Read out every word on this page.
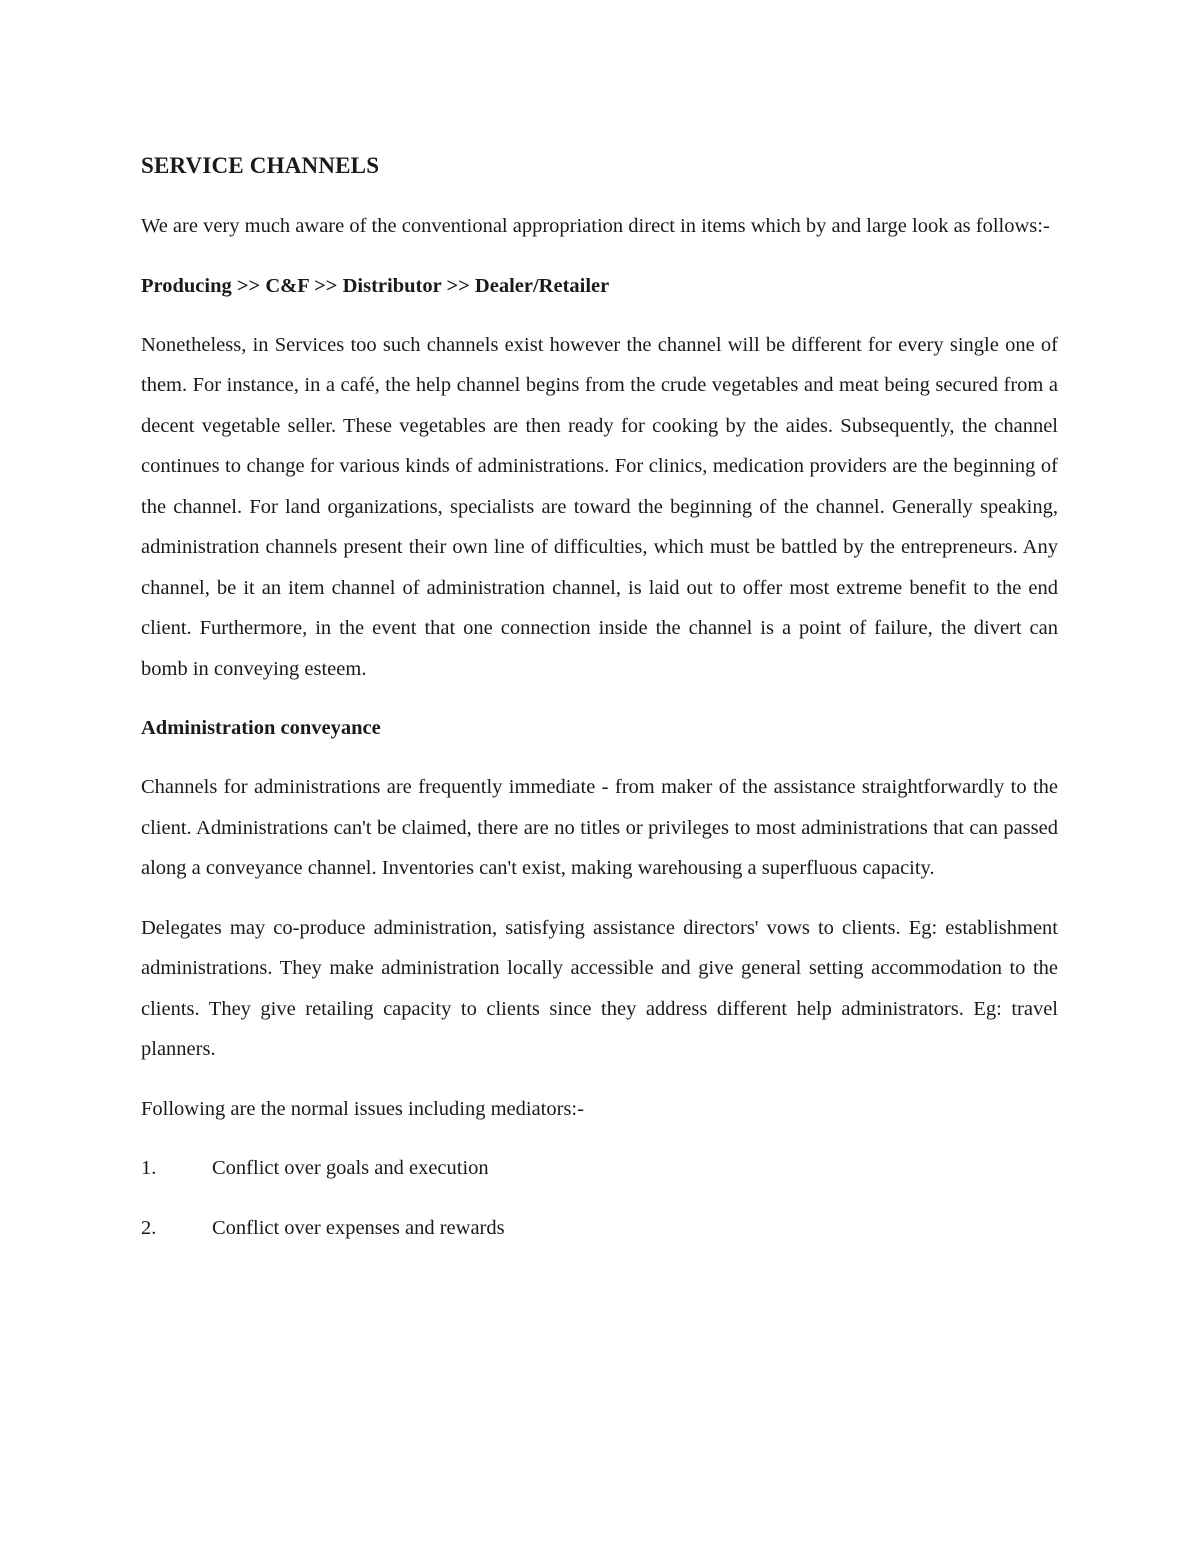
SERVICE CHANNELS
We are very much aware of the conventional appropriation direct in items which by and large look as follows:-
Producing >> C&F >> Distributor >> Dealer/Retailer
Nonetheless, in Services too such channels exist however the channel will be different for every single one of them. For instance, in a café, the help channel begins from the crude vegetables and meat being secured from a decent vegetable seller. These vegetables are then ready for cooking by the aides. Subsequently, the channel continues to change for various kinds of administrations. For clinics, medication providers are the beginning of the channel. For land organizations, specialists are toward the beginning of the channel. Generally speaking, administration channels present their own line of difficulties, which must be battled by the entrepreneurs. Any channel, be it an item channel of administration channel, is laid out to offer most extreme benefit to the end client. Furthermore, in the event that one connection inside the channel is a point of failure, the divert can bomb in conveying esteem.
Administration conveyance
Channels for administrations are frequently immediate - from maker of the assistance straightforwardly to the client. Administrations can't be claimed, there are no titles or privileges to most administrations that can passed along a conveyance channel. Inventories can't exist, making warehousing a superfluous capacity.
Delegates may co-produce administration, satisfying assistance directors' vows to clients. Eg: establishment administrations. They make administration locally accessible and give general setting accommodation to the clients. They give retailing capacity to clients since they address different help administrators. Eg: travel planners.
Following are the normal issues including mediators:-
1.	Conflict over goals and execution
2.	Conflict over expenses and rewards
